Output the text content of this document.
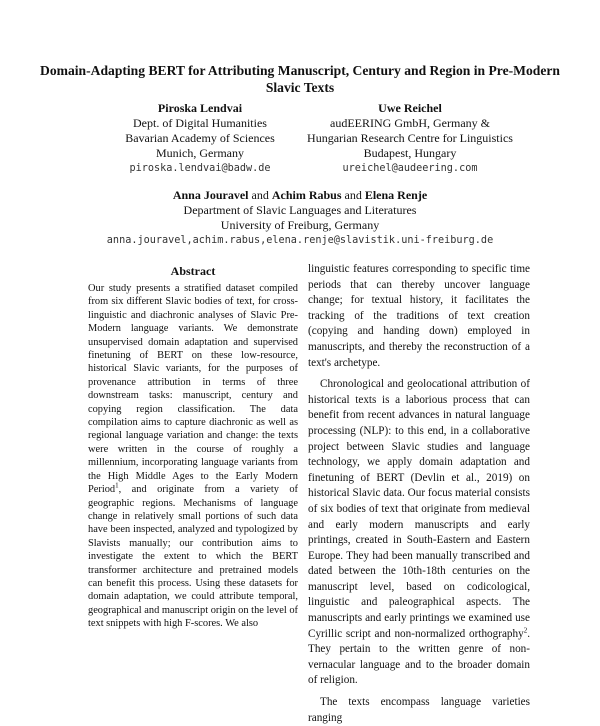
Domain-Adapting BERT for Attributing Manuscript, Century and Region in Pre-Modern Slavic Texts
Piroska Lendvai
Dept. of Digital Humanities
Bavarian Academy of Sciences
Munich, Germany
piroska.lendvai@badw.de
Uwe Reichel
audEERING GmbH, Germany &
Hungarian Research Centre for Linguistics
Budapest, Hungary
ureichel@audeering.com
Anna Jouravel and Achim Rabus and Elena Renje
Department of Slavic Languages and Literatures
University of Freiburg, Germany
anna.jouravel,achim.rabus,elena.renje@slavistik.uni-freiburg.de
Abstract
Our study presents a stratified dataset compiled from six different Slavic bodies of text, for cross-linguistic and diachronic analyses of Slavic Pre-Modern language variants. We demonstrate unsupervised domain adaptation and supervised finetuning of BERT on these low-resource, historical Slavic variants, for the purposes of provenance attribution in terms of three downstream tasks: manuscript, century and copying region classification. The data compilation aims to capture diachronic as well as regional language variation and change: the texts were written in the course of roughly a millennium, incorporating language variants from the High Middle Ages to the Early Modern Period$^1$, and originate from a variety of geographic regions. Mechanisms of language change in relatively small portions of such data have been inspected, analyzed and typologized by Slavists manually; our contribution aims to investigate the extent to which the BERT transformer architecture and pretrained models can benefit this process. Using these datasets for domain adaptation, we could attribute temporal, geographical and manuscript origin on the level of text snippets with high F-scores. We also

linguistic features corresponding to specific time periods that can thereby uncover language change; for textual history, it facilitates the tracking of the traditions of text creation (copying and handing down) employed in manuscripts, and thereby the reconstruction of a text's archetype.

Chronological and geolocational attribution of historical texts is a laborious process that can benefit from recent advances in natural language processing (NLP): to this end, in a collaborative project between Slavic studies and language technology, we apply domain adaptation and finetuning of BERT (Devlin et al., 2019) on historical Slavic data. Our focus material consists of six bodies of text that originate from medieval and early modern manuscripts and early printings, created in South-Eastern and Eastern Europe. They had been manually transcribed and dated between the 10th-18th centuries on the manuscript level, based on codicological, linguistic and paleographical aspects. The manuscripts and early printings we examined use Cyrillic script and non-normalized orthography$^2$. They pertain to the written genre of non-vernacular language and to the broader domain of religion.

The texts encompass language varieties ranging
